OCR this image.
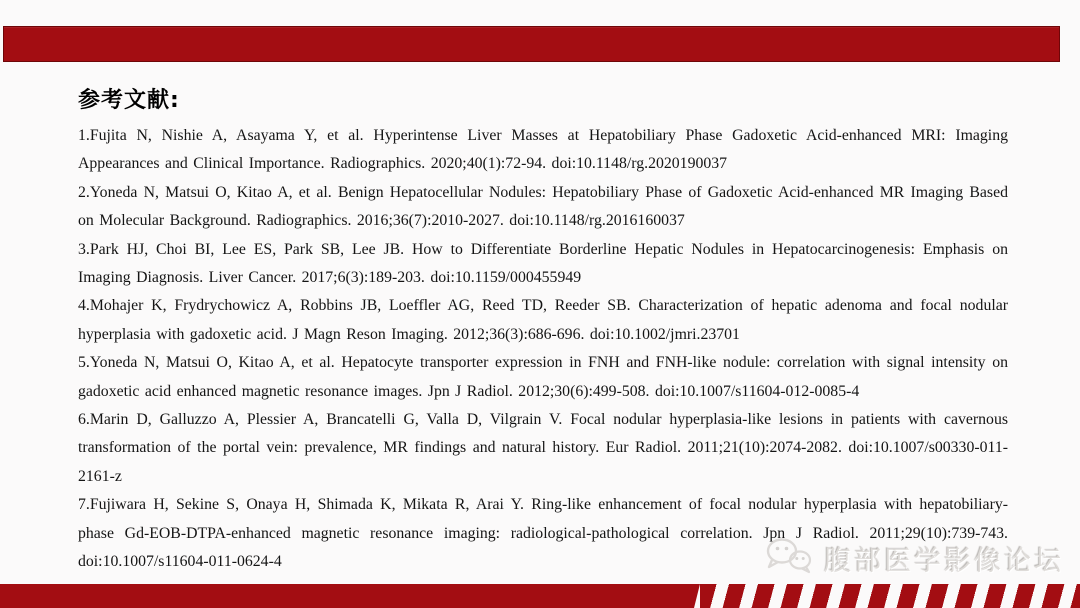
参考文献:

1.Fujita N, Nishie A, Asayama Y, et al. Hyperintense Liver Masses at Hepatobiliary Phase Gadoxetic Acid-enhanced MRI: Imaging Appearances and Clinical Importance. Radiographics. 2020;40(1):72-94. doi:10.1148/rg.2020190037

2.Yoneda N, Matsui O, Kitao A, et al. Benign Hepatocellular Nodules: Hepatobiliary Phase of Gadoxetic Acid-enhanced MR Imaging Based on Molecular Background. Radiographics. 2016;36(7):2010-2027. doi:10.1148/rg.2016160037

3.Park HJ, Choi BI, Lee ES, Park SB, Lee JB. How to Differentiate Borderline Hepatic Nodules in Hepatocarcinogenesis: Emphasis on Imaging Diagnosis. Liver Cancer. 2017;6(3):189-203. doi:10.1159/000455949

4.Mohajer K, Frydrychowicz A, Robbins JB, Loeffler AG, Reed TD, Reeder SB. Characterization of hepatic adenoma and focal nodular hyperplasia with gadoxetic acid. J Magn Reson Imaging. 2012;36(3):686-696. doi:10.1002/jmri.23701

5.Yoneda N, Matsui O, Kitao A, et al. Hepatocyte transporter expression in FNH and FNH-like nodule: correlation with signal intensity on gadoxetic acid enhanced magnetic resonance images. Jpn J Radiol. 2012;30(6):499-508. doi:10.1007/s11604-012-0085-4

6.Marin D, Galluzzo A, Plessier A, Brancatelli G, Valla D, Vilgrain V. Focal nodular hyperplasia-like lesions in patients with cavernous transformation of the portal vein: prevalence, MR findings and natural history. Eur Radiol. 2011;21(10):2074-2082. doi:10.1007/s00330-011-2161-z

7.Fujiwara H, Sekine S, Onaya H, Shimada K, Mikata R, Arai Y. Ring-like enhancement of focal nodular hyperplasia with hepatobiliary-phase Gd-EOB-DTPA-enhanced magnetic resonance imaging: radiological-pathological correlation. Jpn J Radiol. 2011;29(10):739-743. doi:10.1007/s11604-011-0624-4	腹部医学影像论坛
